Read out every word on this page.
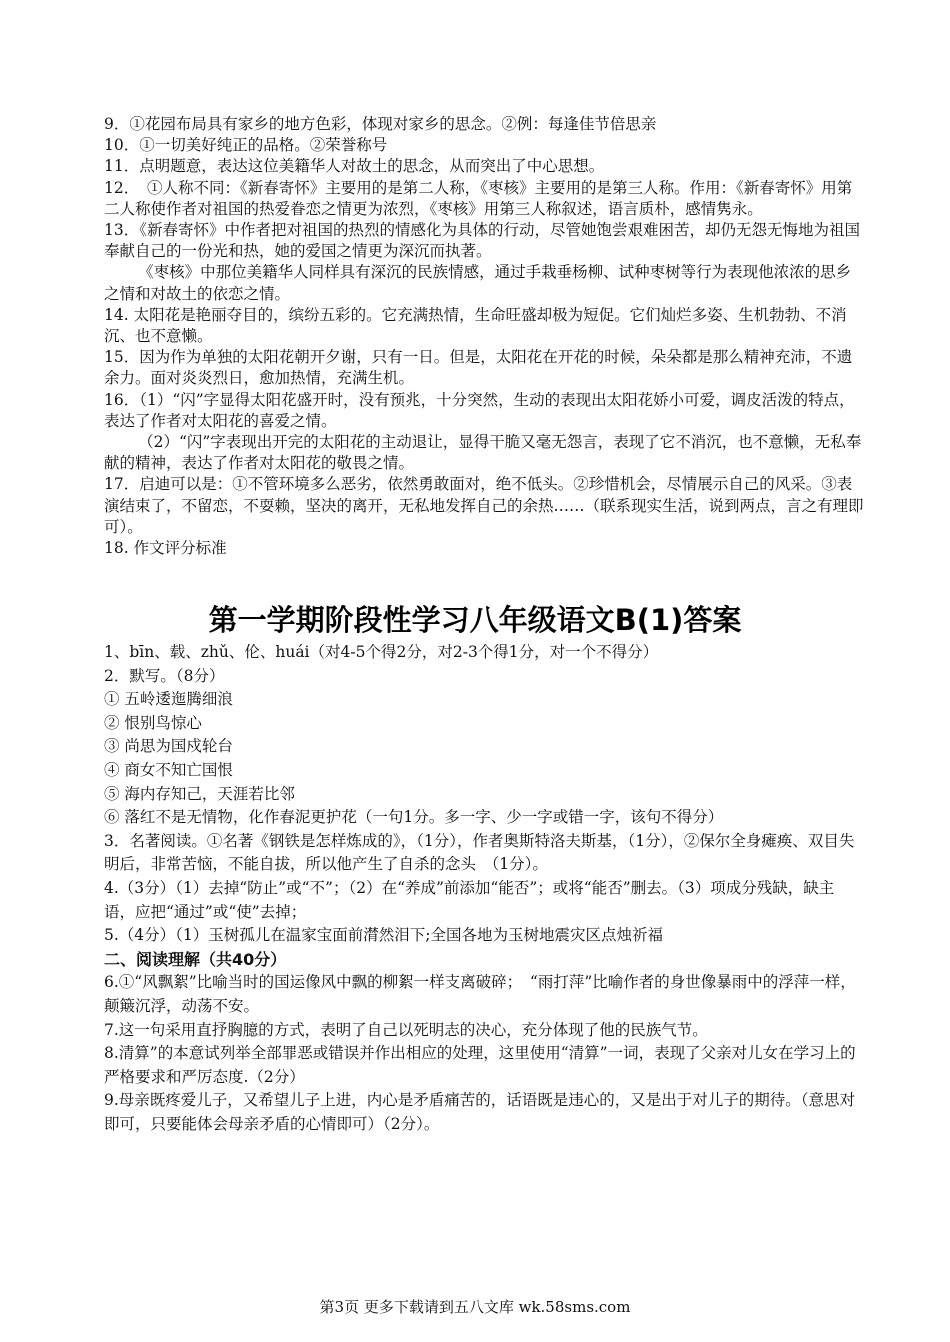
9．①花园布局具有家乡的地方色彩，体现对家乡的思念。②例：每逢佳节倍思亲
10．①一切美好纯正的品格。②荣誉称号
11．点明题意，表达这位美籍华人对故土的思念，从而突出了中心思想。
12．　①人称不同：《新春寄怀》主要用的是第二人称，《枣核》主要用的是第三人称。作用：《新春寄怀》用第二人称使作者对祖国的热爱眷恋之情更为浓烈，《枣核》用第三人称叙述，语言质朴，感情隽永。
13．《新春寄怀》中作者把对祖国的热烈的情感化为具体的行动，尽管她饱尝艰难困苦，却仍无怨无悔地为祖国奉献自己的一份光和热，她的爱国之情更为深沉而执著。
《枣核》中那位美籍华人同样具有深沉的民族情感，通过手栽垂杨柳、试种枣树等行为表现他浓浓的思乡之情和对故土的依恋之情。
14. 太阳花是艳丽夺目的，缤纷五彩的。它充满热情，生命旺盛却极为短促。它们灿烂多姿、生机勃勃、不消沉、也不意懒。
15．因为作为单独的太阳花朝开夕谢，只有一日。但是，太阳花在开花的时候，朵朵都是那么精神充沛，不遗余力。面对炎炎烈日，愈加热情，充满生机。
16．（1）“闪”字显得太阳花盛开时，没有预兆，十分突然，生动的表现出太阳花娇小可爱，调皮活泼的特点，表达了作者对太阳花的喜爱之情。
（2）“闪”字表现出开完的太阳花的主动退让，显得干脆又毫无怨言，表现了它不消沉，也不意懒，无私奉献的精神，表达了作者对太阳花的敬畏之情。
17．启迪可以是：①不管环境多么恶劣，依然勇敢面对，绝不低头。②珍惜机会，尽情展示自己的风采。③表演结束了，不留恋，不耍赖，坚决的离开，无私地发挥自己的余热……（联系现实生活，说到两点，言之有理即可）。
18. 作文评分标准
第一学期阶段性学习八年级语文B(1)答案
1、bīn、载、zhǔ、伦、huái（对4-5个得2分，对2-3个得1分，对一个不得分）
2．默写。（8分）
① 五岭逶迤腾细浪
② 恨别鸟惊心
③ 尚思为国戍轮台
④ 商女不知亡国恨
⑤ 海内存知己，天涯若比邻
⑥ 落红不是无情物，化作春泥更护花（一句1分。多一字、少一字或错一字，该句不得分）
3．名著阅读。①名著《钢铁是怎样炼成的》，（1分），作者奥斯特洛夫斯基，（1分），②保尔全身瘫痪、双目失明后，非常苦恼，不能自拔，所以他产生了自杀的念头　（1分）。
4.（3分）（1）去掉“防止”或“不”；（2）在“养成”前添加“能否”；或将“能否”删去。（3）项成分残缺，缺主语，应把“通过”或“使”去掉；
5.（4分）（1）玉树孤儿在温家宝面前潸然泪下;全国各地为玉树地震灾区点烛祈福
二、阅读理解（共40分）
6.①“风飘絮”比喻当时的国运像风中飘的柳絮一样支离破碎；　“雨打萍”比喻作者的身世像暴雨中的浮萍一样，颠簸沉浮，动荡不安。
7.这一句采用直抒胸臆的方式，表明了自己以死明志的决心，充分体现了他的民族气节。
8.清算”的本意试列举全部罪恶或错误并作出相应的处理，这里使用“清算”一词，表现了父亲对儿女在学习上的严格要求和严厉态度.（2分）
9.母亲既疼爱儿子，又希望儿子上进，内心是矛盾痛苦的，话语既是违心的，又是出于对儿子的期待。（意思对即可，只要能体会母亲矛盾的心情即可）（2分）。
第3页 更多下载请到五八文库 wk.58sms.com
